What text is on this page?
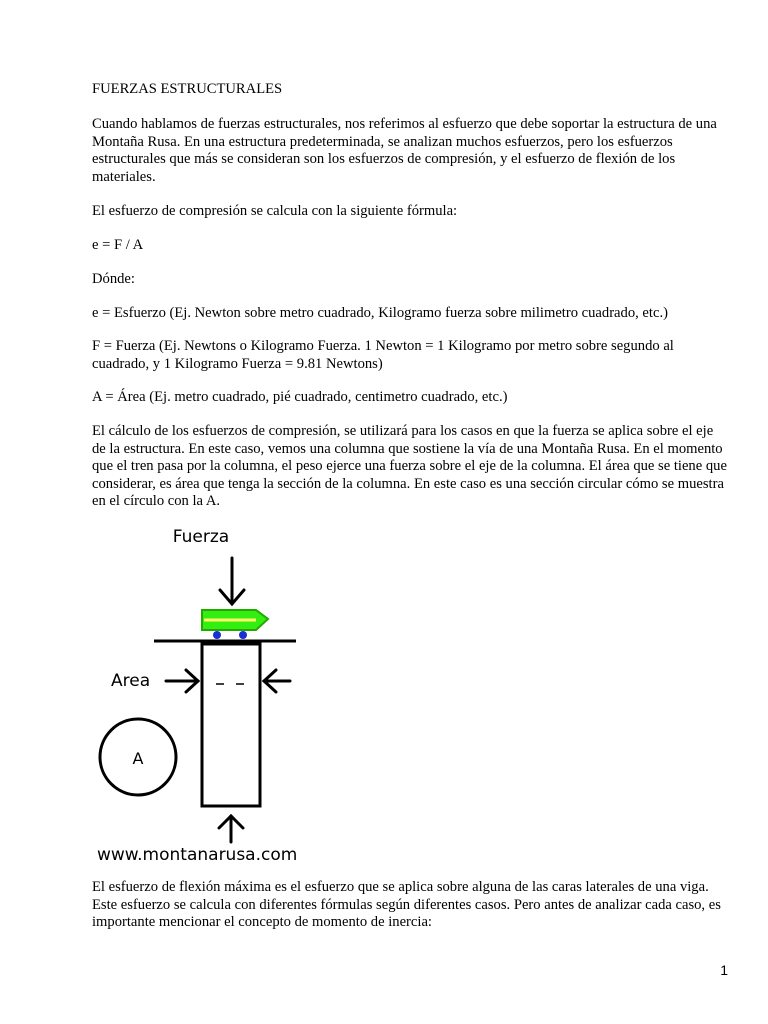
FUERZAS ESTRUCTURALES

Cuando hablamos de fuerzas estructurales, nos referimos al esfuerzo que debe soportar la estructura de una Montaña Rusa. En una estructura predeterminada, se analizan muchos esfuerzos, pero los esfuerzos estructurales que más se consideran son los esfuerzos de compresión, y el esfuerzo de flexión de los materiales.

El esfuerzo de compresión se calcula con la siguiente fórmula:

e = F / A

Dónde:

e = Esfuerzo (Ej. Newton sobre metro cuadrado, Kilogramo fuerza sobre milimetro cuadrado, etc.)

F = Fuerza (Ej. Newtons o Kilogramo Fuerza. 1 Newton = 1 Kilogramo por metro sobre segundo al cuadrado, y 1 Kilogramo Fuerza = 9.81 Newtons)

A = Área (Ej. metro cuadrado, pié cuadrado, centimetro cuadrado, etc.)

El cálculo de los esfuerzos de compresión, se utilizará para los casos en que la fuerza se aplica sobre el eje de la estructura. En este caso, vemos una columna que sostiene la vía de una Montaña Rusa. En el momento que el tren pasa por la columna, el peso ejerce una fuerza sobre el eje de la columna. El área que se tiene que considerar, es área que tenga la sección de la columna. En este caso es una sección circular cómo se muestra en el círculo con la A.

Fuerza
Area
A
www.montanarusa.com

El esfuerzo de flexión máxima es el esfuerzo que se aplica sobre alguna de las caras laterales de una viga. Este esfuerzo se calcula con diferentes fórmulas según diferentes casos. Pero antes de analizar cada caso, es importante mencionar el concepto de momento de inercia:

1
